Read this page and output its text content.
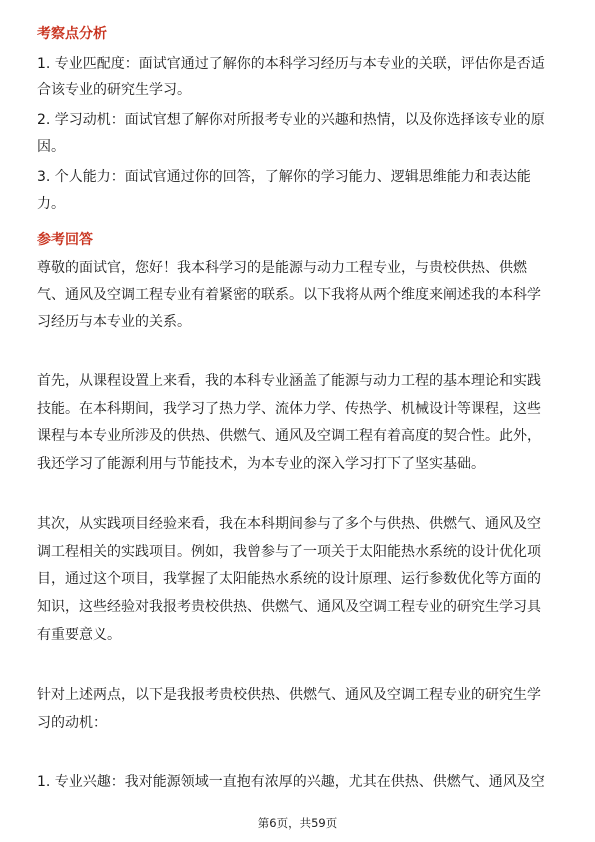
考察点分析
1. 专业匹配度：面试官通过了解你的本科学习经历与本专业的关联，评估你是否适
合该专业的研究生学习。
2. 学习动机：面试官想了解你对所报考专业的兴趣和热情，以及你选择该专业的原
因。
3. 个人能力：面试官通过你的回答，了解你的学习能力、逻辑思维能力和表达能
力。
参考回答
尊敬的面试官，您好！我本科学习的是能源与动力工程专业，与贵校供热、供燃
气、通风及空调工程专业有着紧密的联系。以下我将从两个维度来阐述我的本科学
习经历与本专业的关系。
首先，从课程设置上来看，我的本科专业涵盖了能源与动力工程的基本理论和实践
技能。在本科期间，我学习了热力学、流体力学、传热学、机械设计等课程，这些
课程与本专业所涉及的供热、供燃气、通风及空调工程有着高度的契合性。此外，
我还学习了能源利用与节能技术，为本专业的深入学习打下了坚实基础。
其次，从实践项目经验来看，我在本科期间参与了多个与供热、供燃气、通风及空
调工程相关的实践项目。例如，我曾参与了一项关于太阳能热水系统的设计优化项
目，通过这个项目，我掌握了太阳能热水系统的设计原理、运行参数优化等方面的
知识，这些经验对我报考贵校供热、供燃气、通风及空调工程专业的研究生学习具
有重要意义。
针对上述两点，以下是我报考贵校供热、供燃气、通风及空调工程专业的研究生学
习的动机：
1. 专业兴趣：我对能源领域一直抱有浓厚的兴趣，尤其在供热、供燃气、通风及空
第6页，共59页
